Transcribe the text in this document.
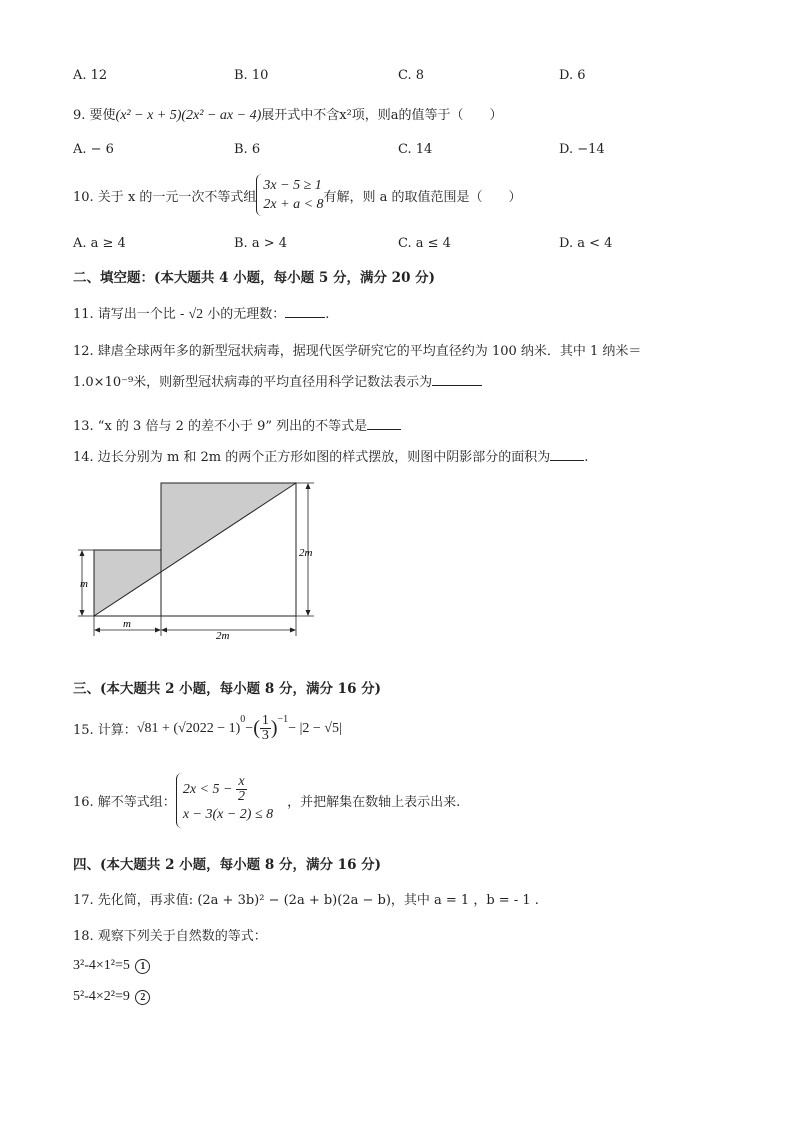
A. 12	B. 10	C. 8	D. 6
9. 要使(x² − x + 5)(2x² − ax − 4)展开式中不含x²项，则a的值等于（　　）
A. − 6	B. 6	C. 14	D. −14
10. 关于 x 的一元一次不等式组
3x − 5 ≥ 1
2x + a < 8 有解，则 a 的取值范围是（　　）
A. a ≥ 4	B. a > 4	C. a ≤ 4	D. a < 4
二、填空题：(本大题共 4 小题，每小题 5 分，满分 20 分)
11. 请写出一个比 - √2 小的无理数：	.
12. 肆虐全球两年多的新型冠状病毒，据现代医学研究它的平均直径约为 100 纳米．其中 1 纳米＝
1.0×10⁻⁹米，则新型冠状病毒的平均直径用科学记数法表示为
13. “x 的 3 倍与 2 的差不小于 9” 列出的不等式是
14. 边长分别为 m 和 2m 的两个正方形如图的样式摆放，则图中阴影部分的面积为	.
m
2m
m
2m
三、(本大题共 2 小题，每小题 8 分，满分 16 分)
15. 计算： √81 + (√2022 − 1)
$^0$
− ( $\frac{1}{3} )^{-1}$
− |2 − √5|
16. 解不等式组：
$2x < 5 - \frac{x}{2}$
x − 3(x − 2) ≤ 8
，并把解集在数轴上表示出来.
四、(本大题共 2 小题，每小题 8 分，满分 16 分)
17. 先化简，再求值: (2a + 3b)² − (2a + b)(2a − b)，其中 a = 1 ，b = - 1 .
18. 观察下列关于自然数的等式：
3²-4×1²=5 1
5²-4×2²=9 2
